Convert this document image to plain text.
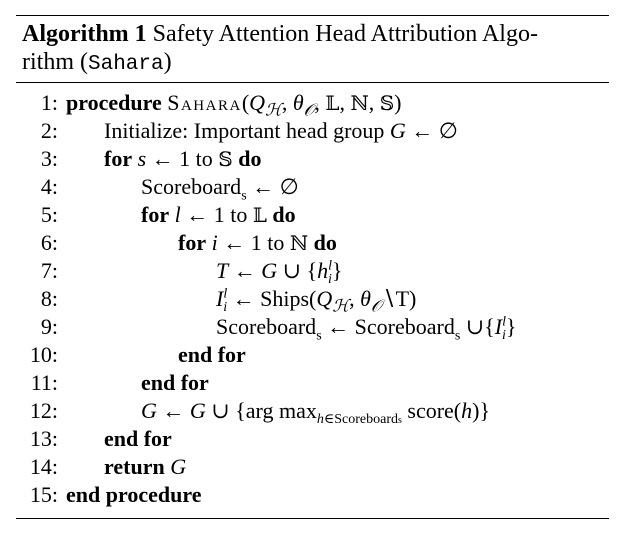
Algorithm 1 Safety Attention Head Attribution Algo-
rithm (Sahara)
1: procedure $Sahara(Q_ℋ$, $\theta_𝒪$, 𝕃, ℕ, 𝕊)
2: Initialize: Important head group G ← ∅
3: for s ← 1 to 𝕊 do
4:	Scoreboard$_s$ ← ∅
5:	for l ← 1 to 𝕃 do
6:	for i ← 1 to ℕ do
7:	T ← G ∪ $\{h^l_i\}$
8:	$I^l_i$ ← $Ships(Q_ℋ$, $\theta_𝒪∖T$)
9:	Scoreboard$_s$ ← Scoreboard$_s$ $\cup\{I^l_i\}$
10:	end for
11:	end for
12:	G ← G ∪ {arg $\max_{h\in Scoreboards}$ score(h)}
13: end for
14: return G
15: end procedure
